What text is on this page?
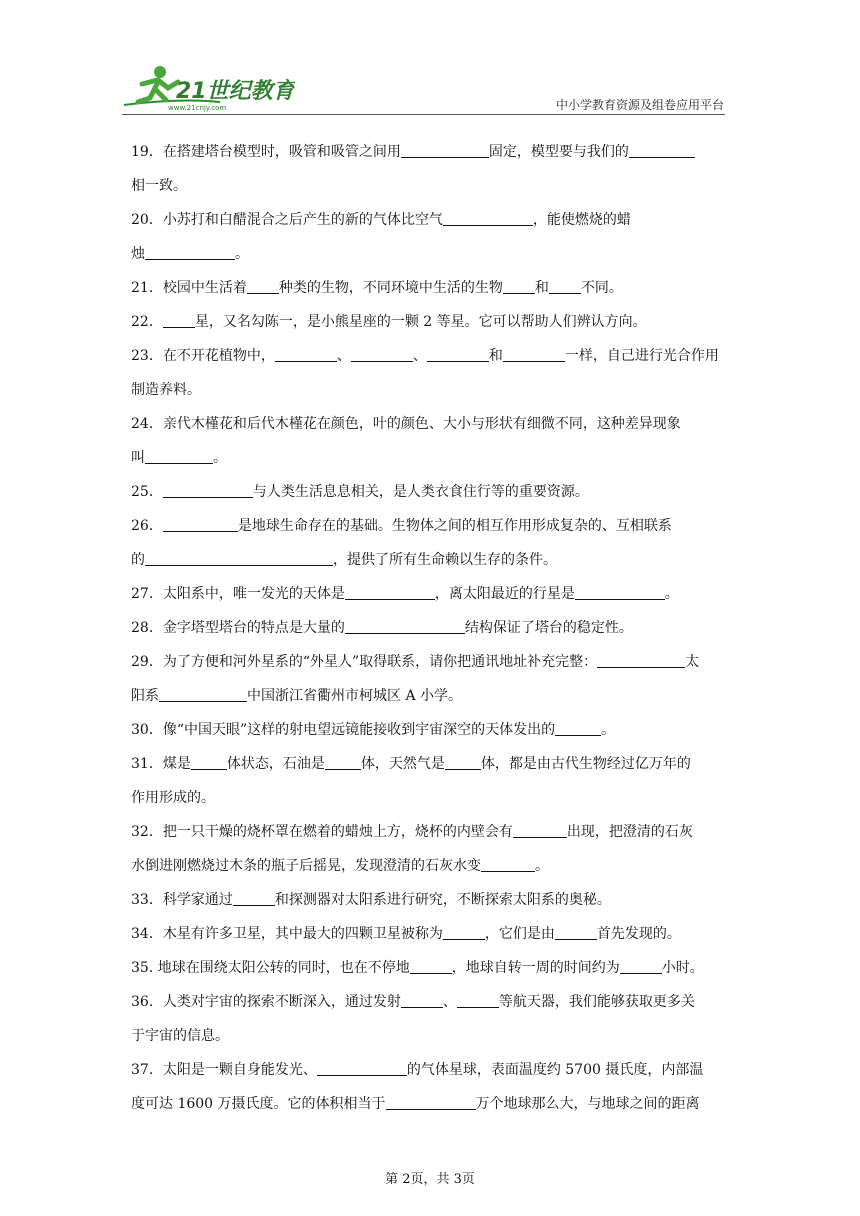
21世纪教育
www.21cnjy.com	中小学教育资源及组卷应用平台
19．在搭建塔台模型时，吸管和吸管之间用	固定，模型要与我们的
相一致。
20．小苏打和白醋混合之后产生的新的气体比空气	，能使燃烧的蜡
烛	。
21．校园中生活着 种类的生物，不同环境中生活的生物 和 不同。
22． 星，又名勾陈一，是小熊星座的一颗 2 等星。它可以帮助人们辨认方向。
23．在不开花植物中，	、	、	和	一样，自己进行光合作用
制造养料。
24．亲代木槿花和后代木槿花在颜色，叶的颜色、大小与形状有细微不同，这种差异现象
叫	。
25．	与人类生活息息相关，是人类衣食住行等的重要资源。
26．	是地球生命存在的基础。生物体之间的相互作用形成复杂的、互相联系
的	，提供了所有生命赖以生存的条件。
27．太阳系中，唯一发光的天体是	，离太阳最近的行星是	。
28．金字塔型塔台的特点是大量的	结构保证了塔台的稳定性。
29．为了方便和河外星系的“外星人”取得联系，请你把通讯地址补充完整：	太
阳系	中国浙江省衢州市柯城区 A 小学。
30．像“中国天眼”这样的射电望远镜能接收到宇宙深空的天体发出的	。
31．煤是	体状态，石油是	体，天然气是	体，都是由古代生物经过亿万年的
作用形成的。
32．把一只干燥的烧杯罩在燃着的蜡烛上方，烧杯的内壁会有	出现，把澄清的石灰
水倒进刚燃烧过木条的瓶子后摇晃，发现澄清的石灰水变	。
33．科学家通过	和探测器对太阳系进行研究，不断探索太阳系的奥秘。
34．木星有许多卫星，其中最大的四颗卫星被称为	，它们是由	首先发现的。
35. 地球在围绕太阳公转的同时，也在不停地	，地球自转一周的时间约为	小时。
36．人类对宇宙的探索不断深入，通过发射	、	等航天器，我们能够获取更多关
于宇宙的信息。
37．太阳是一颗自身能发光、	的气体星球，表面温度约 5700 摄氏度，内部温
度可达 1600 万摄氏度。它的体积相当于	万个地球那么大，与地球之间的距离
第 2页，共 3页
